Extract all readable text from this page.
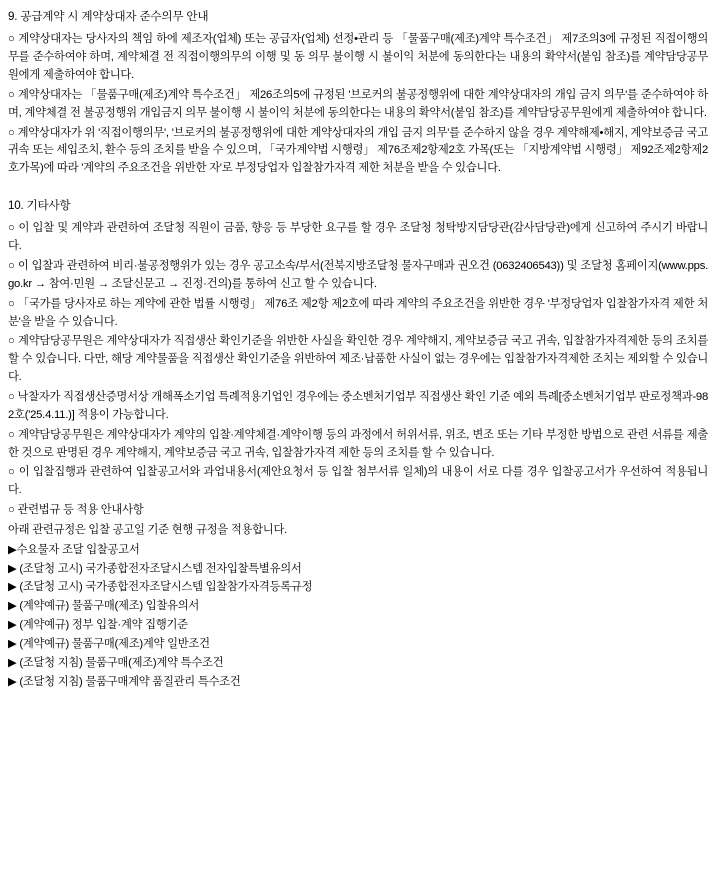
9. 공급계약 시 계약상대자 준수의무 안내

○ 계약상대자는 당사자의 책임 하에 제조자(업체) 또는 공급자(업체) 선정•관리 등 「물품구매(제조)계약 특수조건」 제7조의3에 규정된 직접이행의무를 준수하여야 하며, 계약체결 전 직접이행의무의 이행 및 동 의무 불이행 시 불이익 처분에 동의한다는 내용의 확약서(붙임 참조)를 계약담당공무원에게 제출하여야 합니다.

○ 계약상대자는 「물품구매(제조)계약 특수조건」 제26조의5에 규정된 '브로커의 불공정행위에 대한 계약상대자의 개입 금지 의무'를 준수하여야 하며, 계약체결 전 불공정행위 개입금지 의무 불이행 시 불이익 처분에 동의한다는 내용의 확약서(붙임 참조)를 계약담당공무원에게 제출하여야 합니다.

○ 계약상대자가 위 '직접이행의무', '브로커의 불공정행위에 대한 계약상대자의 개입 금지 의무'를 준수하지 않을 경우 계약해제•해지, 계약보증금 국고귀속 또는 세입조치, 환수 등의 조치를 받을 수 있으며, 「국가계약법 시행령」 제76조제2항제2호 가목(또는 「지방계약법 시행령」 제92조제2항제2호가목)에 따라 '계약의 주요조건을 위반한 자'로 부정당업자 입찰참가자격 제한 처분을 받을 수 있습니다.

10. 기타사항

○ 이 입찰 및 계약과 관련하여 조달청 직원이 금품, 향응 등 부당한 요구를 할 경우 조달청 청탁방지담당관(감사담당관)에게 신고하여 주시기 바랍니다.

○ 이 입찰과 관련하여 비리·불공정행위가 있는 경우 공고소속/부서(전북지방조달청 물자구매과 권오건 (0632406543)) 및 조달청 홈페이지(www.pps.go.kr → 참여·민원 → 조달신문고 → 진정·건의)를 통하여 신고 할 수 있습니다.

○ 「국가를 당사자로 하는 계약에 관한 법률 시행령」 제76조 제2항 제2호에 따라 계약의 주요조건을 위반한 경우 '부정당업자 입찰참가자격 제한 처분'을 받을 수 있습니다.

○ 계약담당공무원은 계약상대자가 직접생산 확인기준을 위반한 사실을 확인한 경우 계약해지, 계약보증금 국고 귀속, 입찰참가자격제한 등의 조치를 할 수 있습니다. 다만, 해당 계약물품을 직접생산 확인기준을 위반하여 제조·납품한 사실이 없는 경우에는 입찰참가자격제한 조치는 제외할 수 있습니다.

○ 낙찰자가 직접생산증명서상 개해폭소기업 특례적용기업인 경우에는 중소벤처기업부 직접생산 확인 기준 예외 특례[중소벤처기업부 판로정책과-982호('25.4.11.)] 적용이 가능합니다.

○ 계약담당공무원은 계약상대자가 계약의 입찰·계약체결·계약이행 등의 과정에서 허위서류, 위조, 변조 또는 기타 부정한 방법으로 관련 서류를 제출한 것으로 판명된 경우 계약해지, 계약보증금 국고 귀속, 입찰참가자격 제한 등의 조치를 할 수 있습니다.

○ 이 입찰집행과 관련하여 입찰공고서와 과업내용서(제안요청서 등 입찰 첨부서류 일체)의 내용이 서로 다를 경우 입찰공고서가 우선하여 적용됩니다.

○ 관련법규 등 적용 안내사항

아래 관련규정은 입찰 공고일 기준 현행 규정을 적용합니다.

▶수요물자 조달 입찰공고서
▶ (조달청 고시) 국가종합전자조달시스템 전자입찰특별유의서
▶ (조달청 고시) 국가종합전자조달시스템 입찰참가자격등록규정
▶ (계약예규) 물품구매(제조) 입찰유의서
▶ (계약예규) 정부 입찰·계약 집행기준
▶ (계약예규) 물품구매(제조)계약 일반조건
▶ (조달청 지침) 물품구매(제조)계약 특수조건
▶ (조달청 지침) 물품구매계약 품질관리 특수조건
